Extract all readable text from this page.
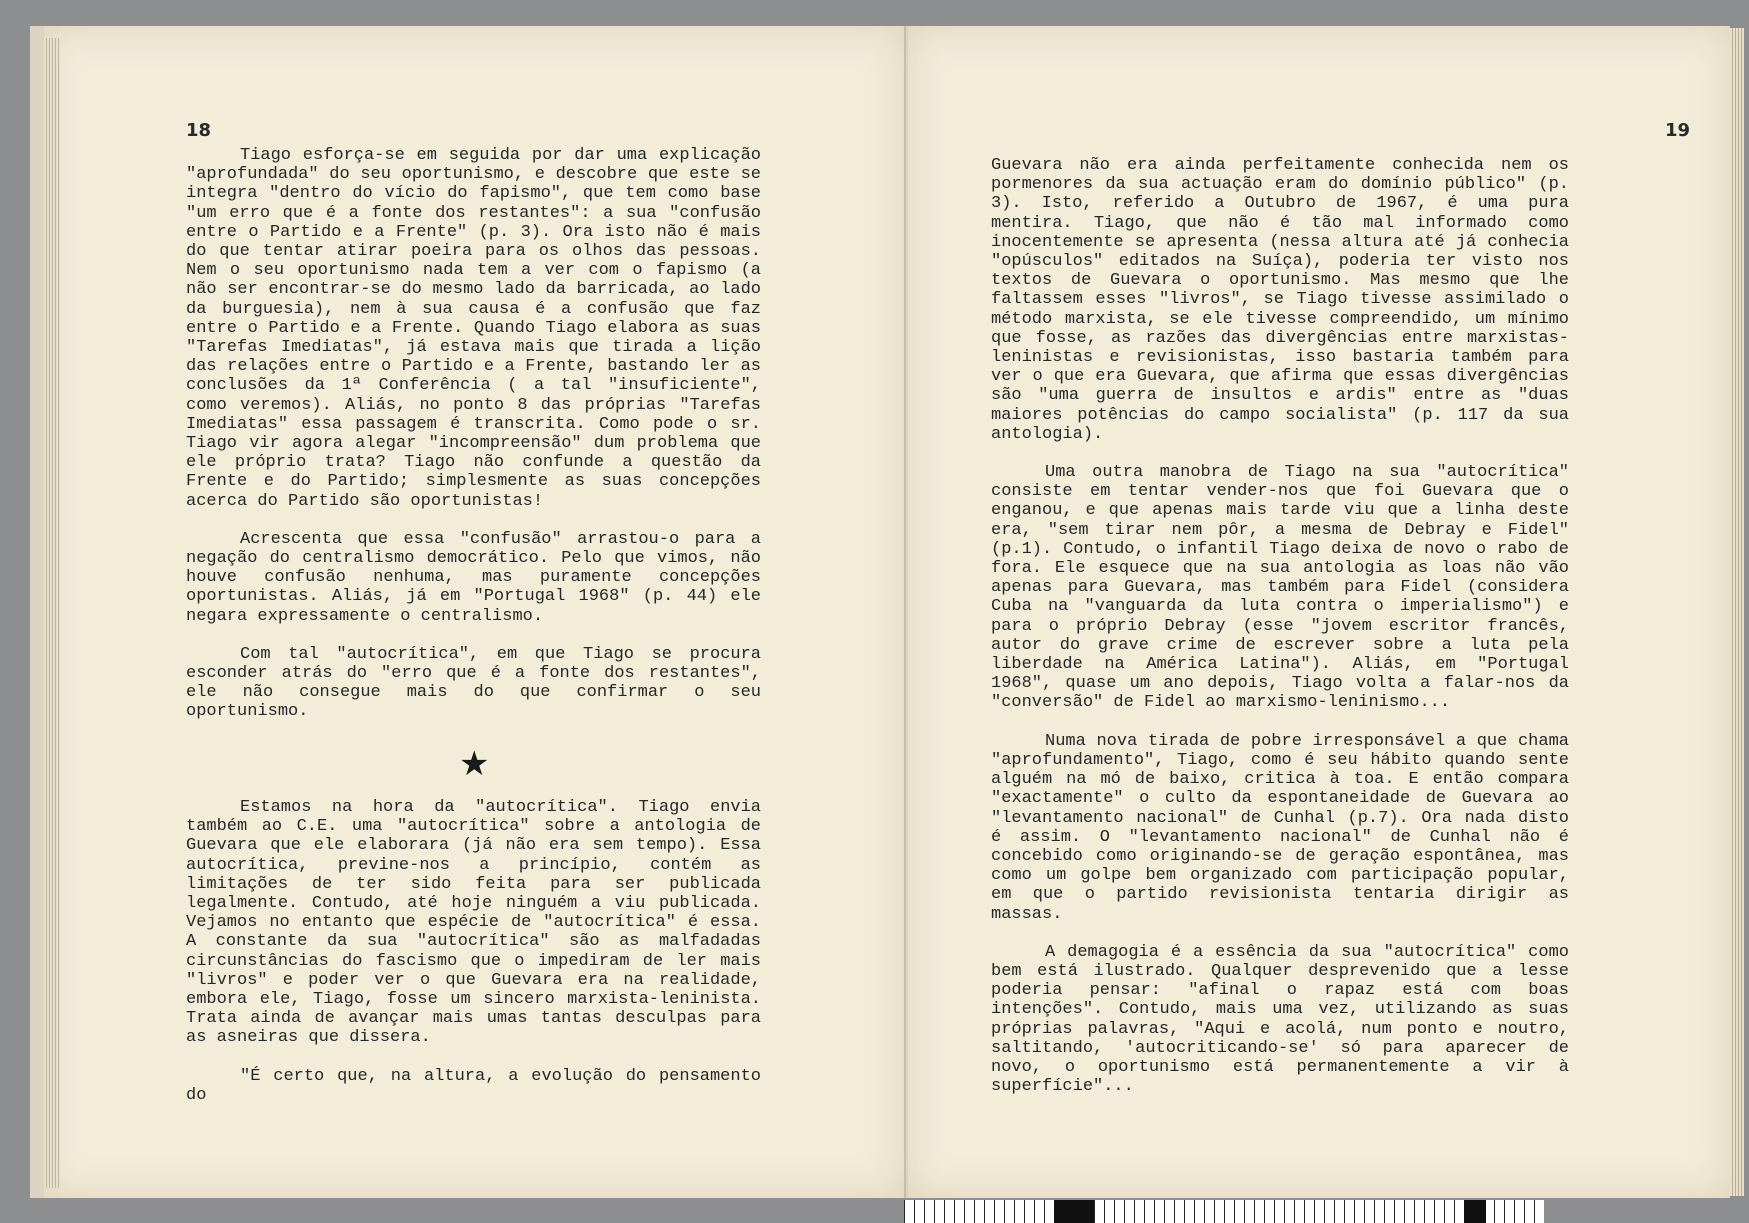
18

Tiago esforça-se em seguida por dar uma explicação "aprofundada" do seu oportunismo, e descobre que este se integra "dentro do vício do fapismo", que tem como base "um erro que é a fonte dos restantes": a sua "confusão entre o Partido e a Frente" (p. 3). Ora isto não é mais do que tentar atirar poeira para os olhos das pessoas. Nem o seu oportunismo nada tem a ver com o fapismo (a não ser encontrar-se do mesmo lado da barricada, ao lado da burguesia), nem à sua causa é a confusão que faz entre o Partido e a Frente. Quando Tiago elabora as suas "Tarefas Imediatas", já estava mais que tirada a lição das relações entre o Partido e a Frente, bastando ler as conclusões da 1ª Conferência ( a tal "insuficiente", como veremos). Aliás, no ponto 8 das próprias "Tarefas Imediatas" essa passagem é transcrita. Como pode o sr. Tiago vir agora alegar "incompreensão" dum problema que ele próprio trata? Tiago não confunde a questão da Frente e do Partido; simplesmente as suas concepções acerca do Partido são oportunistas!

Acrescenta que essa "confusão" arrastou-o para a negação do centralismo democrático. Pelo que vimos, não houve confusão nenhuma, mas puramente concepções oportunistas. Aliás, já em "Portugal 1968" (p. 44) ele negara expressamente o centralismo.

Com tal "autocrítica", em que Tiago se procura esconder atrás do "erro que é a fonte dos restantes", ele não consegue mais do que confirmar o seu oportunismo.

★

Estamos na hora da "autocrítica". Tiago envia também ao C.E. uma "autocrítica" sobre a antologia de Guevara que ele elaborara (já não era sem tempo). Essa autocrítica, previne-nos a princípio, contém as limitações de ter sido feita para ser publicada legalmente. Contudo, até hoje ninguém a viu publicada. Vejamos no entanto que espécie de "autocrítica" é essa. A constante da sua "autocrítica" são as malfadadas circunstâncias do fascismo que o impediram de ler mais "livros" e poder ver o que Guevara era na realidade, embora ele, Tiago, fosse um sincero marxista-leninista. Trata ainda de avançar mais umas tantas desculpas para as asneiras que dissera.

"É certo que, na altura, a evolução do pensamento do

19

Guevara não era ainda perfeitamente conhecida nem os pormenores da sua actuação eram do domínio público" (p. 3). Isto, referido a Outubro de 1967, é uma pura mentira. Tiago, que não é tão mal informado como inocentemente se apresenta (nessa altura até já conhecia "opúsculos" editados na Suíça), poderia ter visto nos textos de Guevara o oportunismo. Mas mesmo que lhe faltassem esses "livros", se Tiago tivesse assimilado o método marxista, se ele tivesse compreendido, um mínimo que fosse, as razões das divergências entre marxistas-leninistas e revisionistas, isso bastaria também para ver o que era Guevara, que afirma que essas divergências são "uma guerra de insultos e ardis" entre as "duas maiores potências do campo socialista" (p. 117 da sua antologia).

Uma outra manobra de Tiago na sua "autocrítica" consiste em tentar vender-nos que foi Guevara que o enganou, e que apenas mais tarde viu que a linha deste era, "sem tirar nem pôr, a mesma de Debray e Fidel" (p.1). Contudo, o infantil Tiago deixa de novo o rabo de fora. Ele esquece que na sua antologia as loas não vão apenas para Guevara, mas também para Fidel (considera Cuba na "vanguarda da luta contra o imperialismo") e para o próprio Debray (esse "jovem escritor francês, autor do grave crime de escrever sobre a luta pela liberdade na América Latina"). Aliás, em "Portugal 1968", quase um ano depois, Tiago volta a falar-nos da "conversão" de Fidel ao marxismo-leninismo...

Numa nova tirada de pobre irresponsável a que chama "aprofundamento", Tiago, como é seu hábito quando sente alguém na mó de baixo, critica à toa. E então compara "exactamente" o culto da espontaneidade de Guevara ao "levantamento nacional" de Cunhal (p.7). Ora nada disto é assim. O "levantamento nacional" de Cunhal não é concebido como originando-se de geração espontânea, mas como um golpe bem organizado com participação popular, em que o partido revisionista tentaria dirigir as massas.

A demagogia é a essência da sua "autocrítica" como bem está ilustrado. Qualquer desprevenido que a lesse poderia pensar: "afinal o rapaz está com boas intenções". Contudo, mais uma vez, utilizando as suas próprias palavras, "Aqui e acolá, num ponto e noutro, saltitando, 'autocriticando-se' só para aparecer de novo, o oportunismo está permanentemente a vir à superfície"...
